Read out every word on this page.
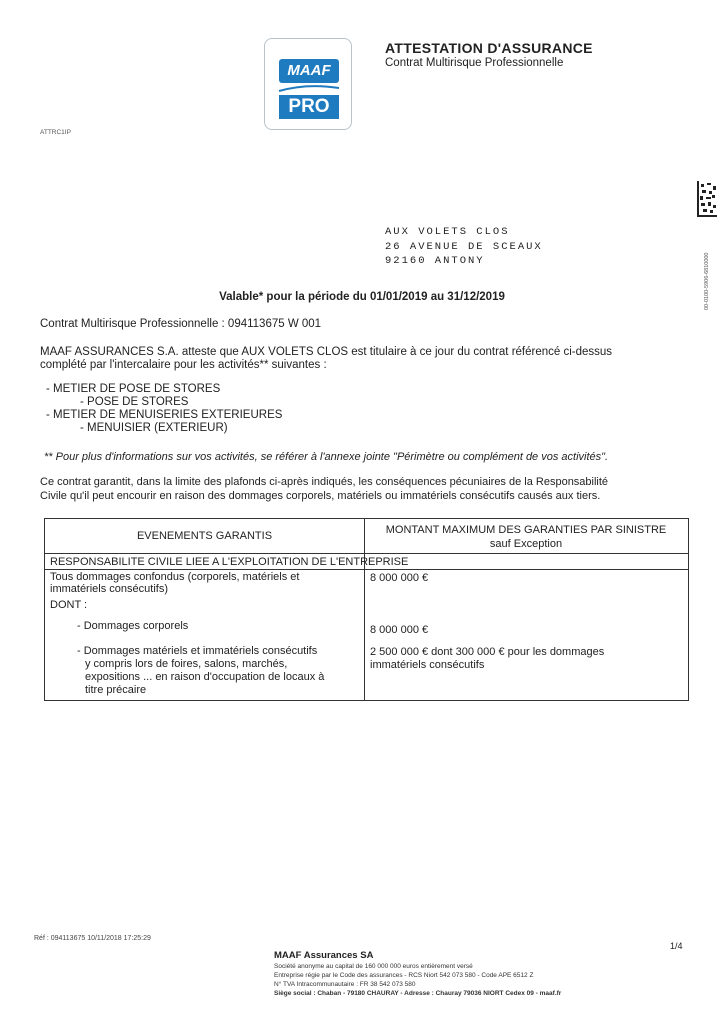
MAAF
PRO
ATTESTATION D'ASSURANCE
Contrat Multirisque Professionnelle
ATTRC1IP
00-0100-5906-6810000
AUX VOLETS CLOS
26 AVENUE DE SCEAUX
92160 ANTONY
Valable* pour la période du 01/01/2019 au 31/12/2019
Contrat Multirisque Professionnelle : 094113675 W 001
MAAF ASSURANCES S.A. atteste que AUX VOLETS CLOS est titulaire à ce jour du contrat référencé ci-dessus
complété par l'intercalaire pour les activités** suivantes :
- METIER DE POSE DE STORES
- POSE DE STORES
- METIER DE MENUISERIES EXTERIEURES
- MENUISIER (EXTERIEUR)
** Pour plus d'informations sur vos activités, se référer à l'annexe jointe "Périmètre ou complément de vos activités".
Ce contrat garantit, dans la limite des plafonds ci-après indiqués, les conséquences pécuniaires de la Responsabilité
Civile qu'il peut encourir en raison des dommages corporels, matériels ou immatériels consécutifs causés aux tiers.
EVENEMENTS GARANTIS	MONTANT MAXIMUM DES GARANTIES PAR SINISTRE
sauf Exception
RESPONSABILITE CIVILE LIEE A L'EXPLOITATION DE L'ENTREPRISE
Tous dommages confondus (corporels, matériels et
immatériels consécutifs)
8 000 000 €
DONT :
- Dommages corporels	8 000 000 €
- Dommages matériels et immatériels consécutifs
y compris lors de foires, salons, marchés,
expositions ... en raison d'occupation de locaux à
titre précaire
2 500 000 € dont 300 000 € pour les dommages
immatériels consécutifs
Réf : 094113675 10/11/2018 17:25:29
1/4
MAAF Assurances SA
Société anonyme au capital de 160 000 000 euros entièrement versé
Entreprise régie par le Code des assurances - RCS Niort 542 073 580 - Code APE 6512 Z
N° TVA Intracommunautaire : FR 38 542 073 580
Siège social : Chaban - 79180 CHAURAY - Adresse : Chauray 79036 NIORT Cedex 09 - maaf.fr
